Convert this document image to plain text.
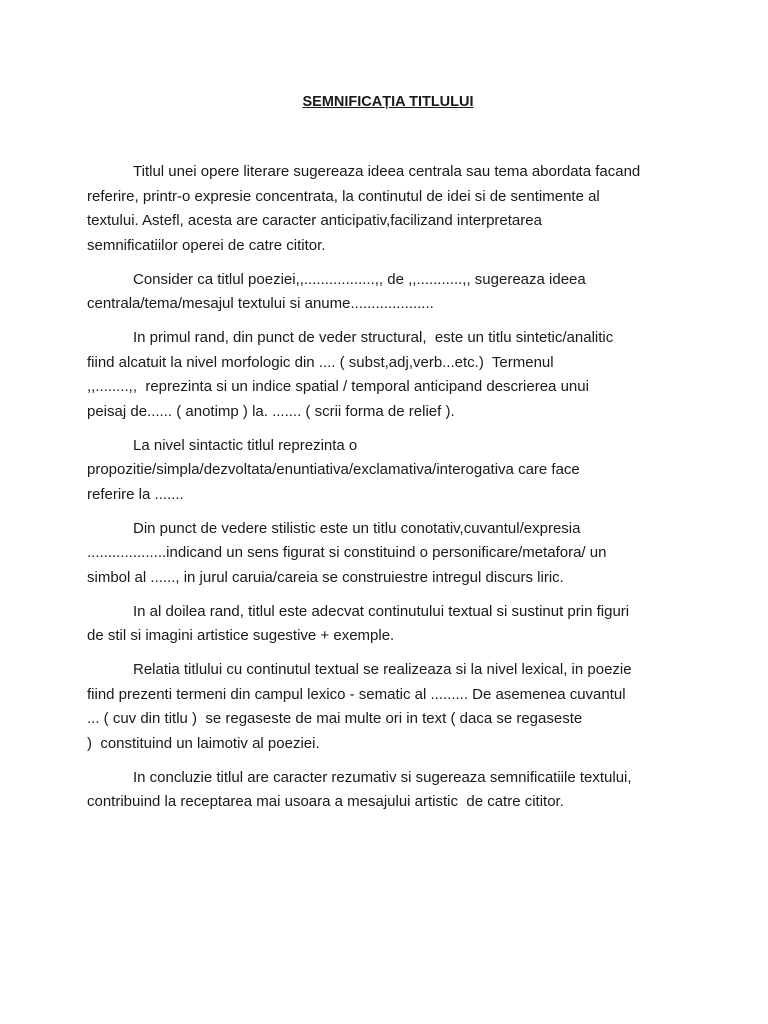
SEMNIFICAȚIA TITLULUI
Titlul unei opere literare sugereaza ideea centrala sau tema abordata facand
referire, printr-o expresie concentrata, la continutul de idei si de sentimente al
textului. Astefl, acesta are caracter anticipativ,facilizand interpretarea
semnificatiilor operei de catre cititor.
Consider ca titlul poeziei,,.................,, de ,,...........,, sugereaza ideea
centrala/tema/mesajul textului si anume....................
In primul rand, din punct de veder structural,  este un titlu sintetic/analitic
fiind alcatuit la nivel morfologic din .... ( subst,adj,verb...etc.)  Termenul
,,........,,  reprezinta si un indice spatial / temporal anticipand descrierea unui
peisaj de...... ( anotimp ) la. ....... ( scrii forma de relief ).
La nivel sintactic titlul reprezinta o
propozitie/simpla/dezvoltata/enuntiativa/exclamativa/interogativa care face
referire la .......
Din punct de vedere stilistic este un titlu conotativ,cuvantul/expresia
...................indicand un sens figurat si constituind o personificare/metafora/ un
simbol al ......, in jurul caruia/careia se construiestre intregul discurs liric.
In al doilea rand, titlul este adecvat continutului textual si sustinut prin figuri
de stil si imagini artistice sugestive + exemple.
Relatia titlului cu continutul textual se realizeaza si la nivel lexical, in poezie
fiind prezenti termeni din campul lexico - sematic al ......... De asemenea cuvantul
... ( cuv din titlu )  se regaseste de mai multe ori in text ( daca se regaseste
)  constituind un laimotiv al poeziei.
In concluzie titlul are caracter rezumativ si sugereaza semnificatiile textului,
contribuind la receptarea mai usoara a mesajului artistic  de catre cititor.
